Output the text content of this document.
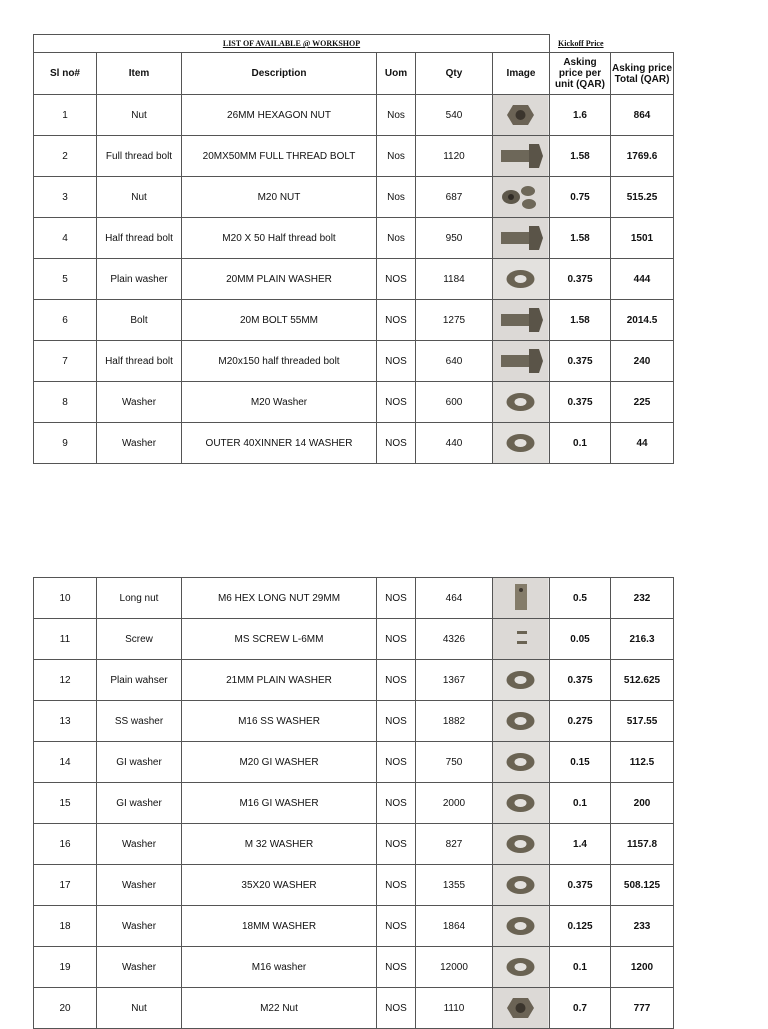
LIST OF AVAILABLE @ WORKSHOP						Kickoff Price	
Sl no#	Item	Description	Uom	Qty	Image	Asking price per unit (QAR)	Asking price Total (QAR)
1	Nut	26MM HEXAGON NUT	Nos	540		1.6	864
2	Full thread bolt	20MX50MM FULL THREAD BOLT	Nos	1120		1.58	1769.6
3	Nut	M20 NUT	Nos	687		0.75	515.25
4	Half thread bolt	M20 X 50 Half thread bolt	Nos	950		1.58	1501
5	Plain washer	20MM PLAIN WASHER	NOS	1184		0.375	444
6	Bolt	20M BOLT 55MM	NOS	1275		1.58	2014.5
7	Half thread bolt	M20x150 half threaded bolt	NOS	640		0.375	240
8	Washer	M20 Washer	NOS	600		0.375	225
9	Washer	OUTER 40XINNER 14 WASHER	NOS	440		0.1	44
10	Long nut	M6 HEX LONG NUT 29MM	NOS	464		0.5	232
11	Screw	MS SCREW L-6MM	NOS	4326		0.05	216.3
12	Plain wahser	21MM PLAIN WASHER	NOS	1367		0.375	512.625
13	SS washer	M16 SS WASHER	NOS	1882		0.275	517.55
14	GI washer	M20 GI WASHER	NOS	750		0.15	112.5
15	GI washer	M16 GI WASHER	NOS	2000		0.1	200
16	Washer	M 32 WASHER	NOS	827		1.4	1157.8
17	Washer	35X20 WASHER	NOS	1355		0.375	508.125
18	Washer	18MM WASHER	NOS	1864		0.125	233
19	Washer	M16 washer	NOS	12000		0.1	1200
20	Nut	M22 Nut	NOS	1110		0.7	777
